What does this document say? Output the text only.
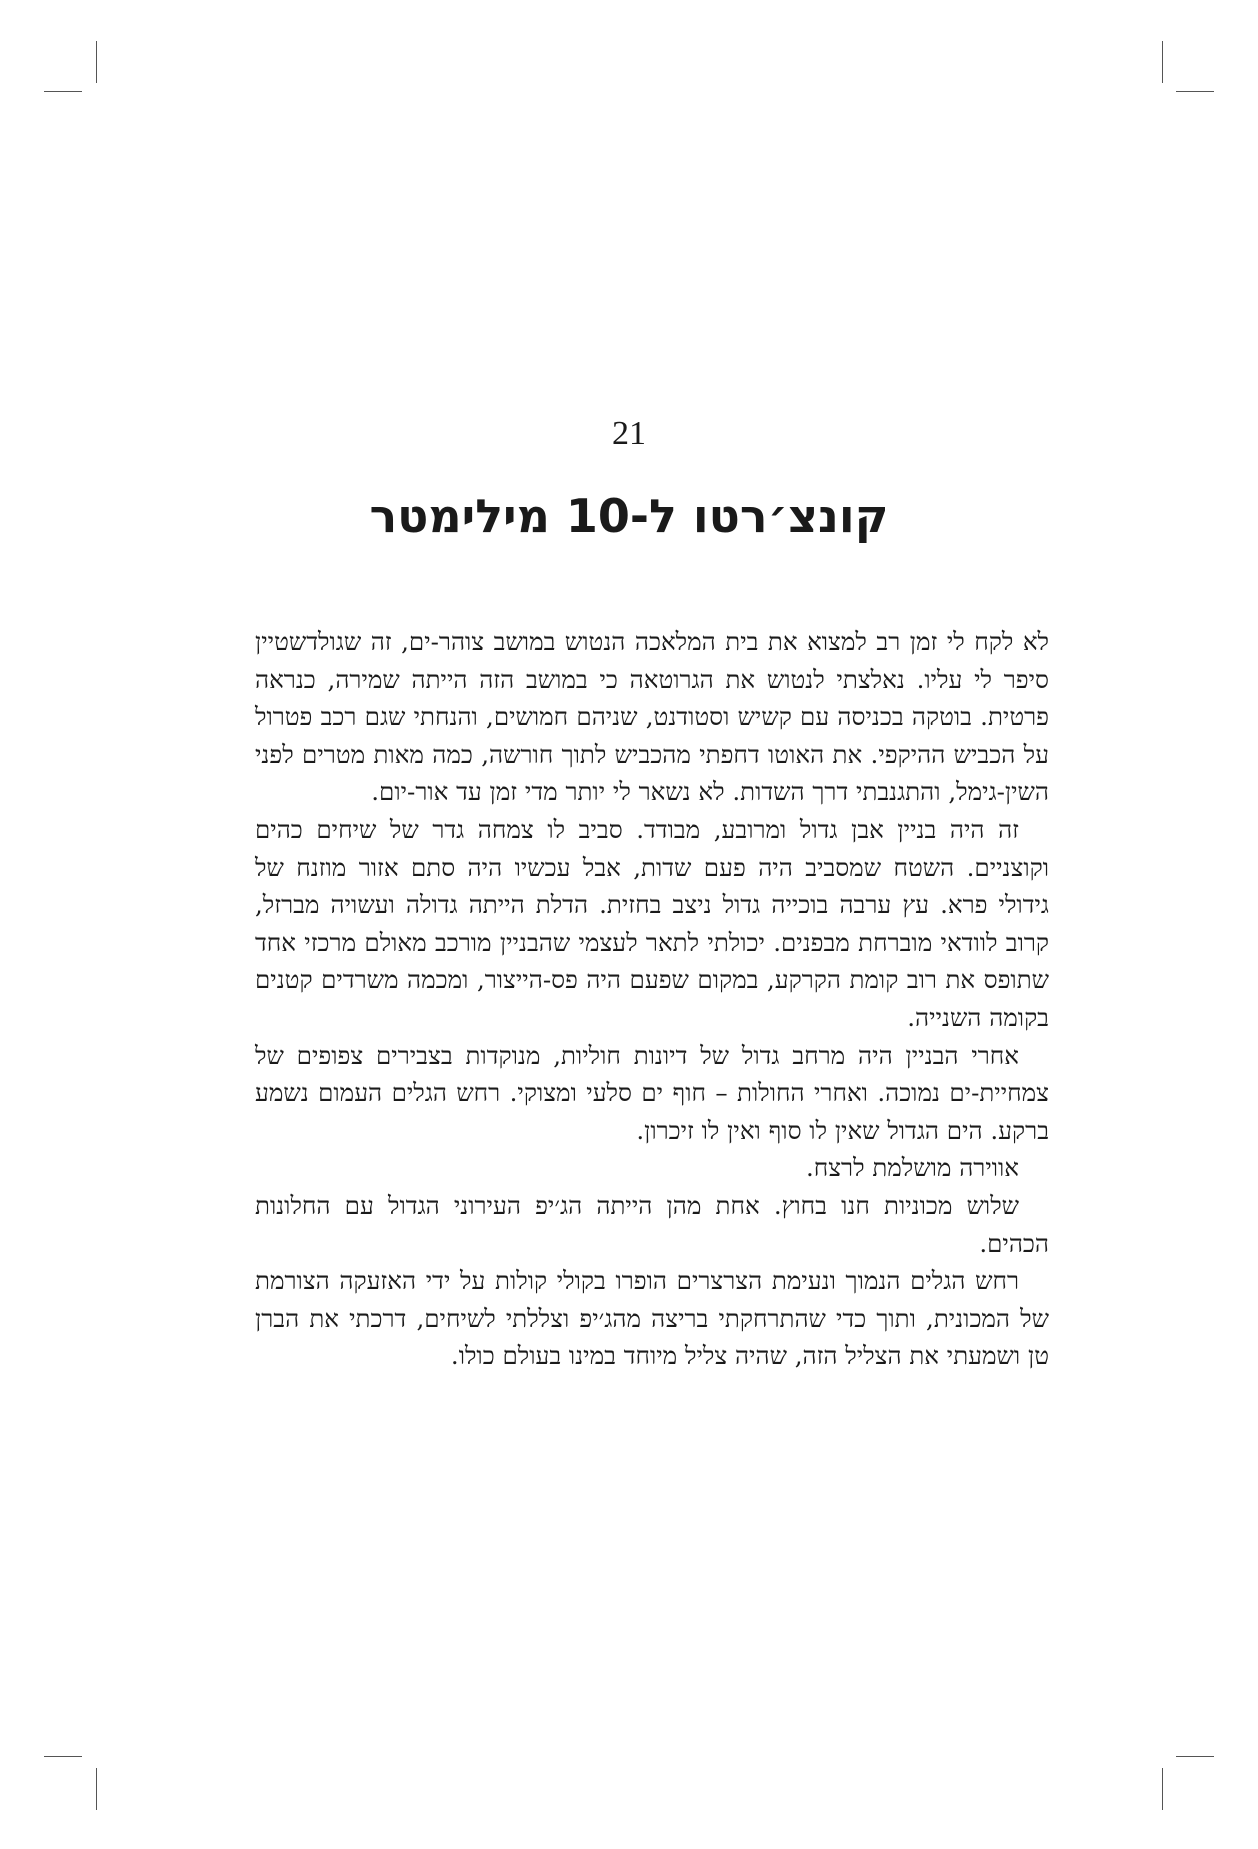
21
קונצ׳רטו ל-10 מילימטר

לא לקח לי זמן רב למצוא את בית המלאכה הנטוש במושב צוהר-ים, זה שגולדשטיין סיפר לי עליו. נאלצתי לנטוש את הגרוטאה כי במושב הזה הייתה שמירה, כנראה פרטית. בוטקה בכניסה עם קשיש וסטודנט, שניהם חמושים, והנחתי שגם רכב פטרול על הכביש ההיקפי. את האוטו דחפתי מהכביש לתוך חורשה, כמה מאות מטרים לפני השין-גימל, והתגנבתי דרך השדות. לא נשאר לי יותר מדי זמן עד אור-יום.

זה היה בניין אבן גדול ומרובע, מבודד. סביב לו צמחה גדר של שיחים כהים וקוצניים. השטח שמסביב היה פעם שדות, אבל עכשיו היה סתם אזור מוזנח של גידולי פרא. עץ ערבה בוכייה גדול ניצב בחזית. הדלת הייתה גדולה ועשויה מברזל, קרוב לוודאי מוברחת מבפנים. יכולתי לתאר לעצמי שהבניין מורכב מאולם מרכזי אחד שתופס את רוב קומת הקרקע, במקום שפעם היה פס-הייצור, ומכמה משרדים קטנים בקומה השנייה.

אחרי הבניין היה מרחב גדול של דיונות חוליות, מנוקדות בצבירים צפופים של צמחיית-ים נמוכה. ואחרי החולות – חוף ים סלעי ומצוקי. רחש הגלים העמום נשמע ברקע. הים הגדול שאין לו סוף ואין לו זיכרון.

אווירה מושלמת לרצח.

שלוש מכוניות חנו בחוץ. אחת מהן הייתה הג׳יפ העירוני הגדול עם החלונות הכהים.

רחש הגלים הנמוך ונעימת הצרצרים הופרו בקולי קולות על ידי האזעקה הצורמת של המכונית, ותוך כדי שהתרחקתי בריצה מהג׳יפ וצללתי לשיחים, דרכתי את הברן טן ושמעתי את הצליל הזה, שהיה צליל מיוחד במינו בעולם כולו.
